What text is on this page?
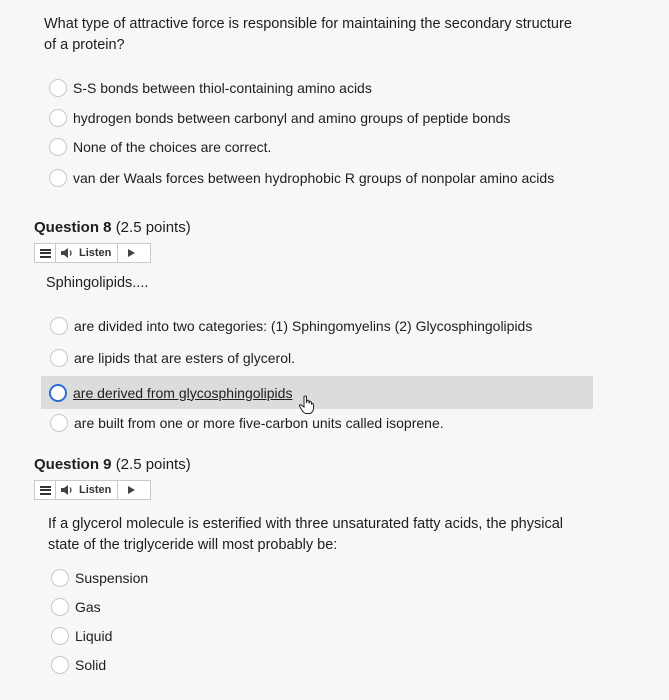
What type of attractive force is responsible for maintaining the secondary structure
of a protein?
S-S bonds between thiol-containing amino acids
hydrogen bonds between carbonyl and amino groups of peptide bonds
None of the choices are correct.
van der Waals forces between hydrophobic R groups of nonpolar amino acids
Question 8 (2.5 points)
Listen
Sphingolipids....
are divided into two categories: (1) Sphingomyelins (2) Glycosphingolipids
are lipids that are esters of glycerol.
are derived from glycosphingolipids
are built from one or more five-carbon units called isoprene.
Question 9 (2.5 points)
Listen
If a glycerol molecule is esterified with three unsaturated fatty acids, the physical
state of the triglyceride will most probably be:
Suspension
Gas
Liquid
Solid
